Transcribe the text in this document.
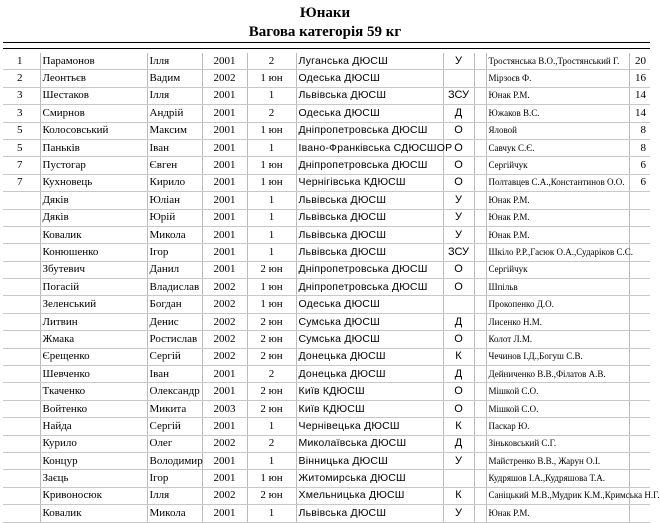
Юнаки
Вагова категорія 59 кг
1	Парамонов	Ілля	2001	2	Луганська ДЮСШ	У		Тростянська В.О.,Тростянський Г.	20
2	Леонтьєв	Вадим	2002	1 юн	Одеська ДЮСШ			Мірзоєв Ф.	16
3	Шестаков	Ілля	2001	1	Львівська ДЮСШ	ЗСУ		Юнак Р.М.	14
3	Смирнов	Андрій	2001	2	Одеська ДЮСШ	Д		Южаков В.С.	14
5	Колосовський	Максим	2001	1 юн	Дніпропетровська ДЮСШ	О		Яловой	8
5	Паньків	Іван	2001	1	Івано-Франківська СДЮСШОР	О		Савчук С.Є.	8
7	Пустогар	Євген	2001	1 юн	Дніпропетровська ДЮСШ	О		Сергійчук	6
7	Кухновець	Кирило	2001	1 юн	Чернігівська КДЮСШ	О		Полтавцев С.А.,Константинов О.О.	6
	Дяків	Юліан	2001	1	Львівська ДЮСШ	У		Юнак Р.М.	
	Дяків	Юрій	2001	1	Львівська ДЮСШ	У		Юнак Р.М.	
	Ковалик	Микола	2001	1	Львівська ДЮСШ	У		Юнак Р.М.	
	Конюшенко	Ігор	2001	1	Львівська ДЮСШ	ЗСУ		Шкіло Р.Р.,Гасюк О.А.,Сударіков С.С.	
	Збутевич	Данил	2001	2 юн	Дніпропетровська ДЮСШ	О		Сергійчук	
	Погасій	Владислав	2002	1 юн	Дніпропетровська ДЮСШ	О		Шпільв	
	Зеленський	Богдан	2002	1 юн	Одеська ДЮСШ			Прокопенко Д.О.	
	Литвин	Денис	2002	2 юн	Сумська ДЮСШ	Д		Лисенко Н.М.	
	Жмака	Ростислав	2002	2 юн	Сумська ДЮСШ	О		Колот Л.М.	
	Єрещенко	Сергій	2002	2 юн	Донецька ДЮСШ	К		Чечинов І.Д.,Богуш С.В.	
	Шевченко	Іван	2001	2	Донецька ДЮСШ	Д		Дейниченко В.В.,Філатов А.В.	
	Ткаченко	Олександр	2001	2 юн	Київ КДЮСШ	О		Мішкой С.О.	
	Войтенко	Микита	2003	2 юн	Київ КДЮСШ	О		Мішкой С.О.	
	Найда	Сергій	2001	1	Чернівецька ДЮСШ	К		Паскар Ю.	
	Курило	Олег	2002	2	Миколаївська ДЮСШ	Д		Зіньковський С.Г.	
	Концур	Володимир	2001	1	Вінницька ДЮСШ	У		Майстренко В.В., Жарун О.І.	
	Заєць	Ігор	2001	1 юн	Житомирська ДЮСШ			Кудряшов І.А.,Кудряшова Т.А.	
	Кривоносюк	Ілля	2002	2 юн	Хмельницька ДЮСШ	К		Саніцький М.В.,Мудрик К.М.,Кримська Н.Г.	
	Ковалик	Микола	2001	1	Львівська ДЮСШ	У		Юнак Р.М.	
